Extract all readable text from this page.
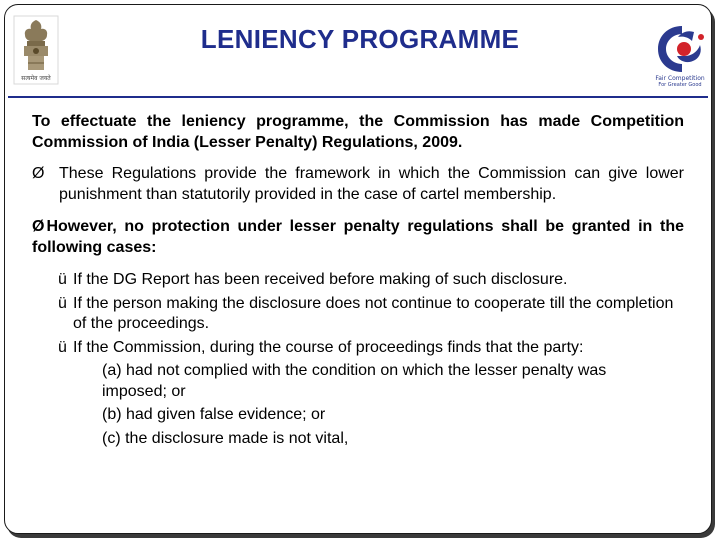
सत्यमेव जयते
LENIENCY PROGRAMME
Fair Competition
For Greater Good

To effectuate the leniency programme, the Commission has made Competition Commission of India (Lesser Penalty) Regulations, 2009.

Ø These Regulations provide the framework in which the Commission can give lower punishment than statutorily provided in the case of cartel membership.

Ø However, no protection under lesser penalty regulations shall be granted in the following cases:

ü If the DG Report has been received before making of such disclosure.

ü If the person making the disclosure does not continue to cooperate till the completion of the proceedings.

ü If the Commission, during the course of proceedings finds that the party:

(a) had not complied with the condition on which the lesser penalty was imposed; or

(b) had given false evidence; or

(c) the disclosure made is not vital,
